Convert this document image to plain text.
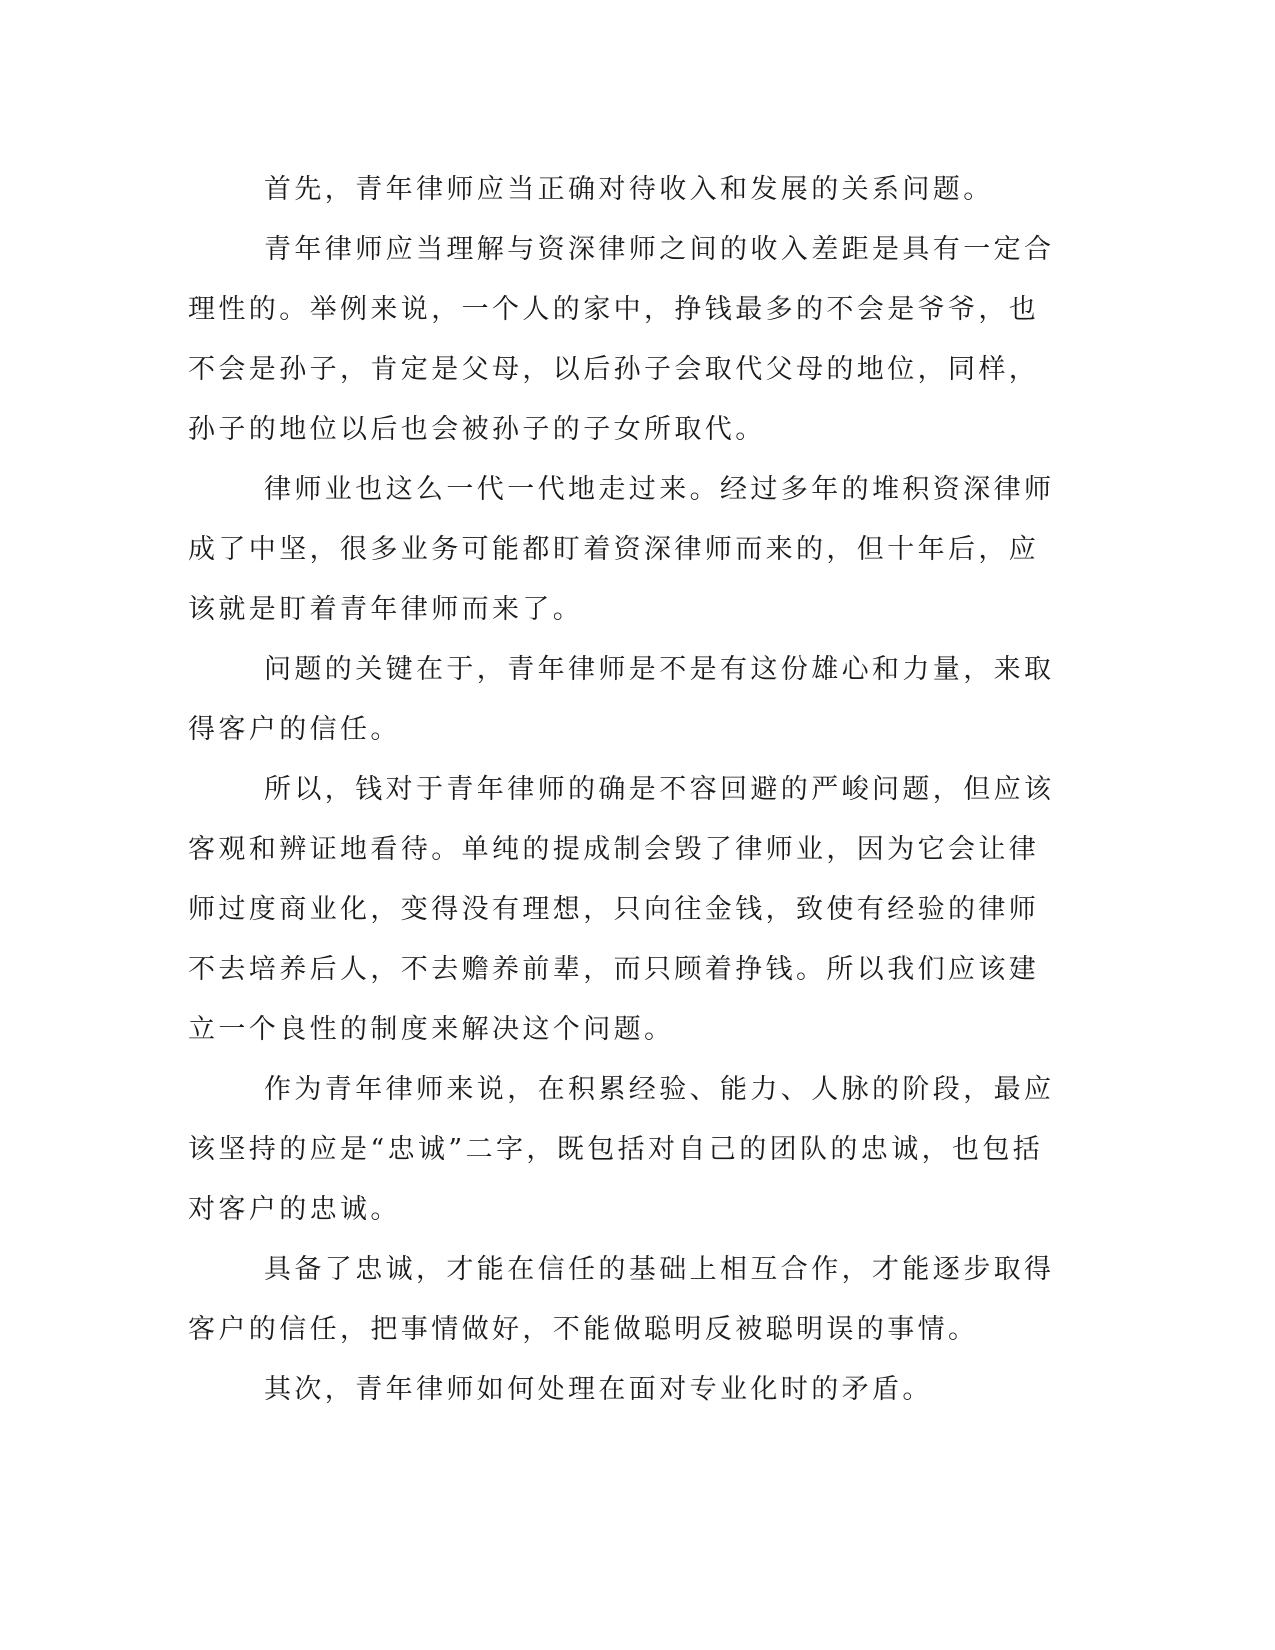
首先，青年律师应当正确对待收入和发展的关系问题。

青年律师应当理解与资深律师之间的收入差距是具有一定合理性的。举例来说，一个人的家中，挣钱最多的不会是爷爷，也不会是孙子，肯定是父母，以后孙子会取代父母的地位，同样，孙子的地位以后也会被孙子的子女所取代。

律师业也这么一代一代地走过来。经过多年的堆积资深律师成了中坚，很多业务可能都盯着资深律师而来的，但十年后，应该就是盯着青年律师而来了。

问题的关键在于，青年律师是不是有这份雄心和力量，来取得客户的信任。

所以，钱对于青年律师的确是不容回避的严峻问题，但应该客观和辨证地看待。单纯的提成制会毁了律师业，因为它会让律师过度商业化，变得没有理想，只向往金钱，致使有经验的律师不去培养后人，不去赡养前辈，而只顾着挣钱。所以我们应该建立一个良性的制度来解决这个问题。

作为青年律师来说，在积累经验、能力、人脉的阶段，最应该坚持的应是“忠诚”二字，既包括对自己的团队的忠诚，也包括对客户的忠诚。

具备了忠诚，才能在信任的基础上相互合作，才能逐步取得客户的信任，把事情做好，不能做聪明反被聪明误的事情。

其次，青年律师如何处理在面对专业化时的矛盾。
